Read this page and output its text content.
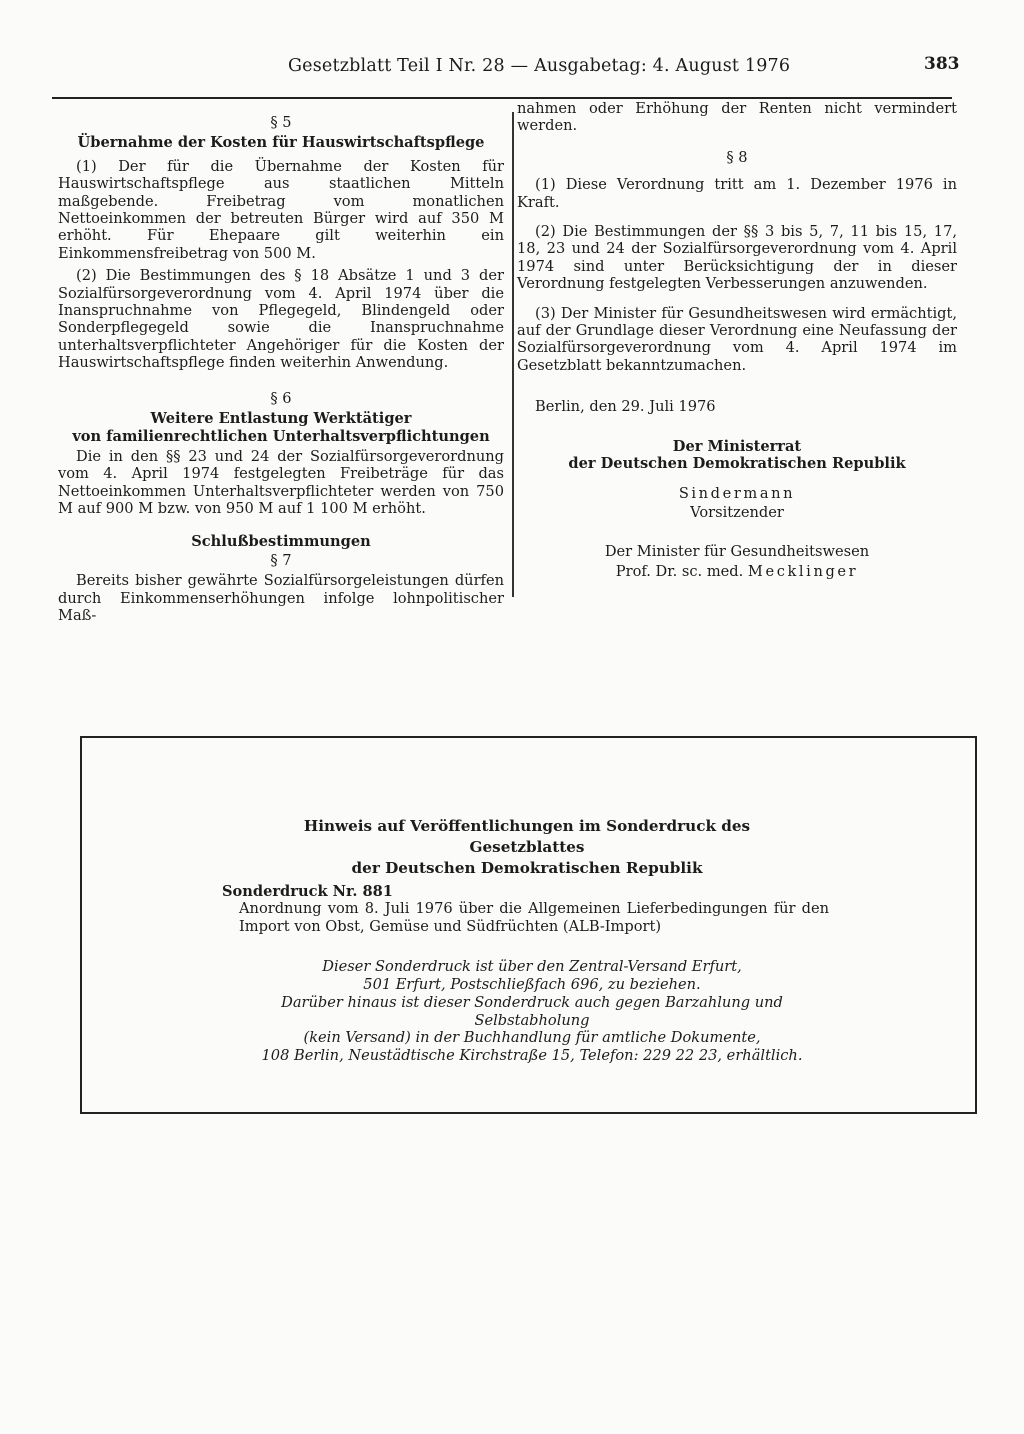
Gesetzblatt Teil I Nr. 28 — Ausgabetag: 4. August 1976	383

§ 5

Übernahme der Kosten für Hauswirtschaftspflege

(1) Der für die Übernahme der Kosten für Hauswirtschaftspflege aus staatlichen Mitteln maßgebende. Freibetrag vom monatlichen Nettoeinkommen der betreuten Bürger wird auf 350 M erhöht. Für Ehepaare gilt weiterhin ein Einkommensfreibetrag von 500 M.

(2) Die Bestimmungen des § 18 Absätze 1 und 3 der Sozialfürsorgeverordnung vom 4. April 1974 über die Inanspruchnahme von Pflegegeld, Blindengeld oder Sonderpflegegeld sowie die Inanspruchnahme unterhaltsverpflichteter Angehöriger für die Kosten der Hauswirtschaftspflege finden weiterhin Anwendung.

§ 6

Weitere Entlastung Werktätiger

von familienrechtlichen Unterhaltsverpflichtungen

Die in den §§ 23 und 24 der Sozialfürsorgeverordnung vom 4. April 1974 festgelegten Freibeträge für das Nettoeinkommen Unterhaltsverpflichteter werden von 750 M auf 900 M bzw. von 950 M auf 1 100 M erhöht.

Schlußbestimmungen

§ 7

Bereits bisher gewährte Sozialfürsorgeleistungen dürfen durch Einkommenserhöhungen infolge lohnpolitischer Maß-

nahmen oder Erhöhung der Renten nicht vermindert werden.

§ 8

(1) Diese Verordnung tritt am 1. Dezember 1976 in Kraft.

(2) Die Bestimmungen der §§ 3 bis 5, 7, 11 bis 15, 17, 18, 23 und 24 der Sozialfürsorgeverordnung vom 4. April 1974 sind unter Berücksichtigung der in dieser Verordnung festgelegten Verbesserungen anzuwenden.

(3) Der Minister für Gesundheitswesen wird ermächtigt, auf der Grundlage dieser Verordnung eine Neufassung der Sozialfürsorgeverordnung vom 4. April 1974 im Gesetzblatt bekanntzumachen.

Berlin, den 29. Juli 1976

Der Ministerrat

der Deutschen Demokratischen Republik

Sindermann

Vorsitzender

Der Minister für Gesundheitswesen

Prof. Dr. sc. med. Mecklinger

Hinweis auf Veröffentlichungen im Sonderdruck des Gesetzblattes
der Deutschen Demokratischen Republik
Sonderdruck Nr. 881

Anordnung vom 8. Juli 1976 über die Allgemeinen Lieferbedingungen für den Import von Obst, Gemüse und Südfrüchten (ALB-Import)

Dieser Sonderdruck ist über den Zentral-Versand Erfurt,
501 Erfurt, Postschließfach 696, zu beziehen.
Darüber hinaus ist dieser Sonderdruck auch gegen Barzahlung und Selbstabholung
(kein Versand) in der Buchhandlung für amtliche Dokumente,
108 Berlin, Neustädtische Kirchstraße 15, Telefon: 229 22 23, erhältlich.
